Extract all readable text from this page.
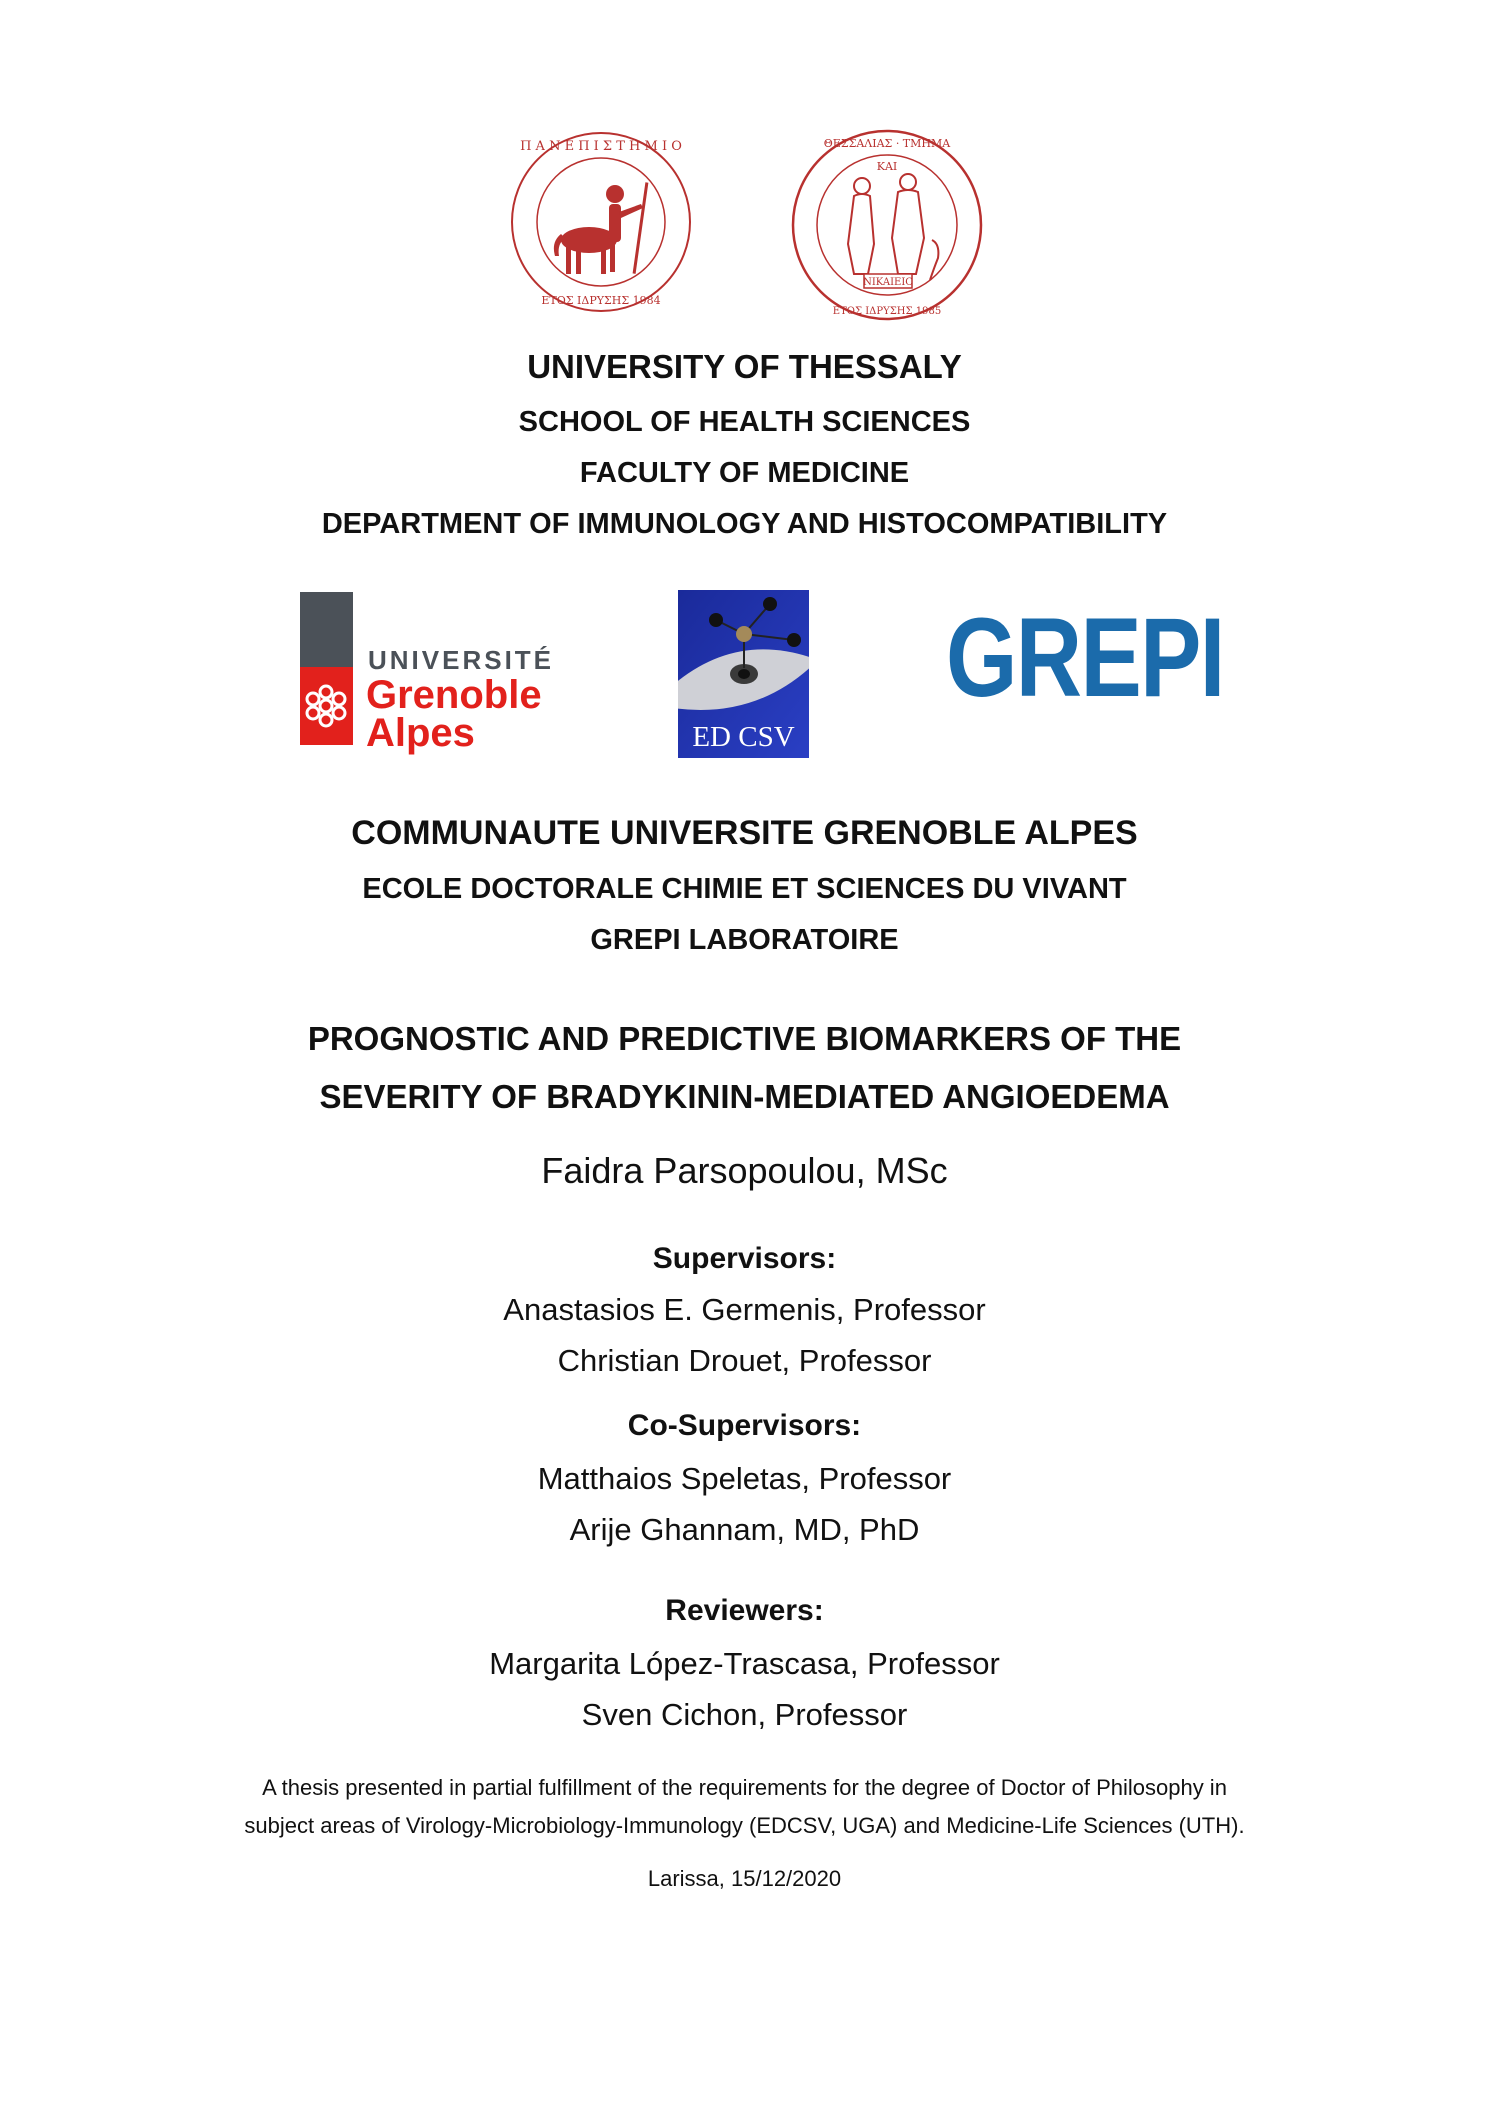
Π Α Ν Ε Π Ι Σ Τ Η Μ Ι Ο
ΕΤΟΣ ΙΔΡΥΣΗΣ 1984
NIKAIEIC
ΘΕΣΣΑΛΙΑΣ · ΤΜΗΜΑ
ΕΤΟΣ ΙΔΡΥΣΗΣ 1985
ΚΑΙ
UNIVERSITY OF THESSALY
SCHOOL OF HEALTH SCIENCES
FACULTY OF MEDICINE
DEPARTMENT OF IMMUNOLOGY AND HISTOCOMPATIBILITY
UNIVERSITÉ
Grenoble
Alpes	ED CSV
GREPI
COMMUNAUTE UNIVERSITE GRENOBLE ALPES
ECOLE DOCTORALE CHIMIE ET SCIENCES DU VIVANT
GREPI LABORATOIRE
PROGNOSTIC AND PREDICTIVE BIOMARKERS OF THE
SEVERITY OF BRADYKININ-MEDIATED ANGIOEDEMA
Faidra Parsopoulou, MSc
Supervisors:
Anastasios E. Germenis, Professor
Christian Drouet, Professor
Co-Supervisors:
Matthaios Speletas, Professor
Arije Ghannam, MD, PhD
Reviewers:
Margarita López-Trascasa, Professor
Sven Cichon, Professor
A thesis presented in partial fulfillment of the requirements for the degree of Doctor of Philosophy in
subject areas of Virology-Microbiology-Immunology (EDCSV, UGA) and Medicine-Life Sciences (UTH).
Larissa, 15/12/2020
